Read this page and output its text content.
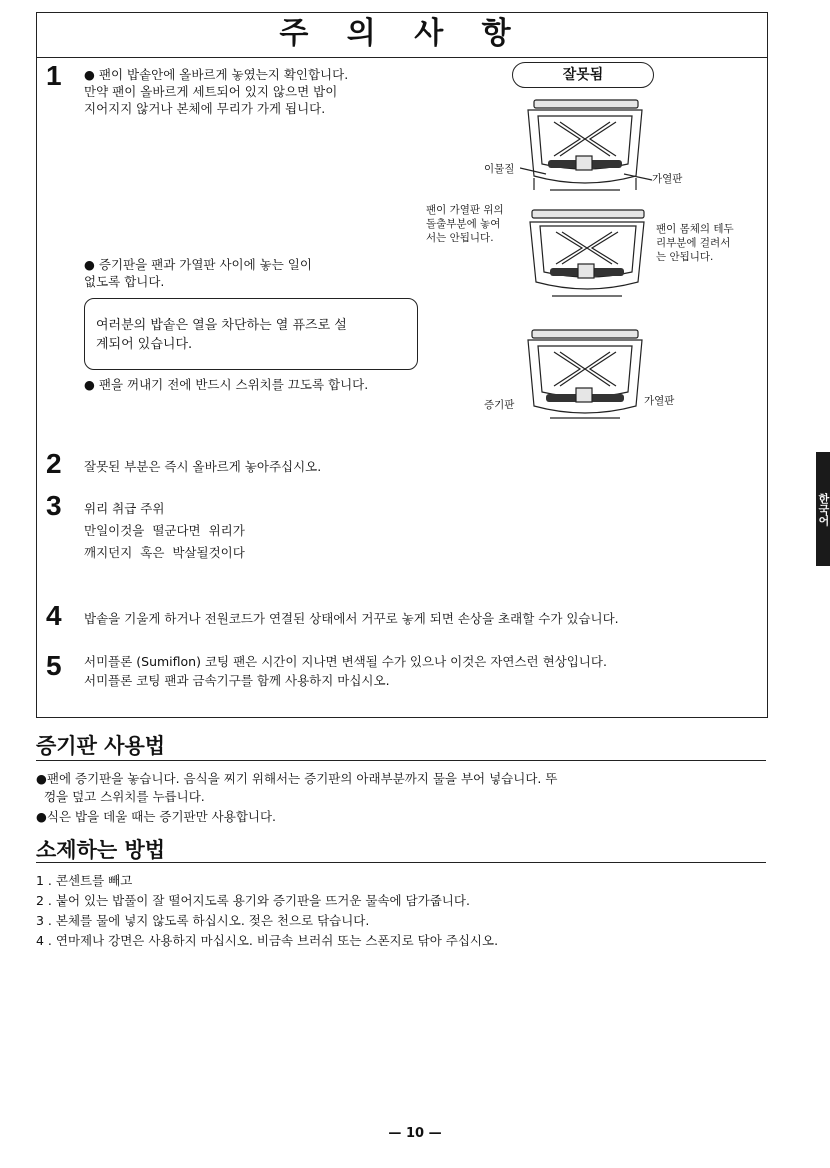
주 의 사 항
1 ● 팬이 밥솥안에 올바르게 놓였는지 확인합니다.
만약 팬이 올바르게 세트되어 있지 않으면 밥이
지어지지 않거나 본체에 무리가 가게 됩니다.
● 증기판을 팬과 가열판 사이에 놓는 일이
없도록 합니다.
여러분의 밥솥은 열을 차단하는 열 퓨즈로 설
계되어 있습니다.
● 팬을 꺼내기 전에 반드시 스위치를 끄도록 합니다.
잘못됨
이물질
가열판
팬이 가열판 위의
돌출부분에 놓여
서는 안됩니다.
팬이 몸체의 테두
리부분에 걸려서
는 안됩니다.
증기판	가열판
2 잘못된 부분은 즉시 올바르게 놓아주십시오.
3 위리 취급 주위
만일이것을  떨군다면  위리가
깨지던지  혹은  박살될것이다
4 밥솥을 기울게 하거나 전원코드가 연결된 상태에서 거꾸로 놓게 되면 손상을 초래할 수가 있습니다.
5 서미플론 (Sumiflon) 코팅 팬은 시간이 지나면 변색될 수가 있으나 이것은 자연스런 현상입니다.
서미플론 코팅 팬과 금속기구를 함께 사용하지 마십시오.
증기판 사용법
●팬에 증기판을 놓습니다. 음식을 찌기 위해서는 증기판의 아래부분까지 물을 부어 넣습니다. 뚜
껑을 덮고 스위치를 누릅니다.
●식은 밥을 데울 때는 증기판만 사용합니다.
소제하는 방법
1 . 콘센트를 빼고
2 . 붙어 있는 밥풀이 잘 떨어지도록 용기와 증기판을 뜨거운 물속에 담가줍니다.
3 . 본체를 물에 넣지 않도록 하십시오. 젖은 천으로 닦습니다.
4 . 연마제나 강면은 사용하지 마십시오. 비금속 브러쉬 또는 스폰지로 닦아 주십시오.
한국어
— 10 —
